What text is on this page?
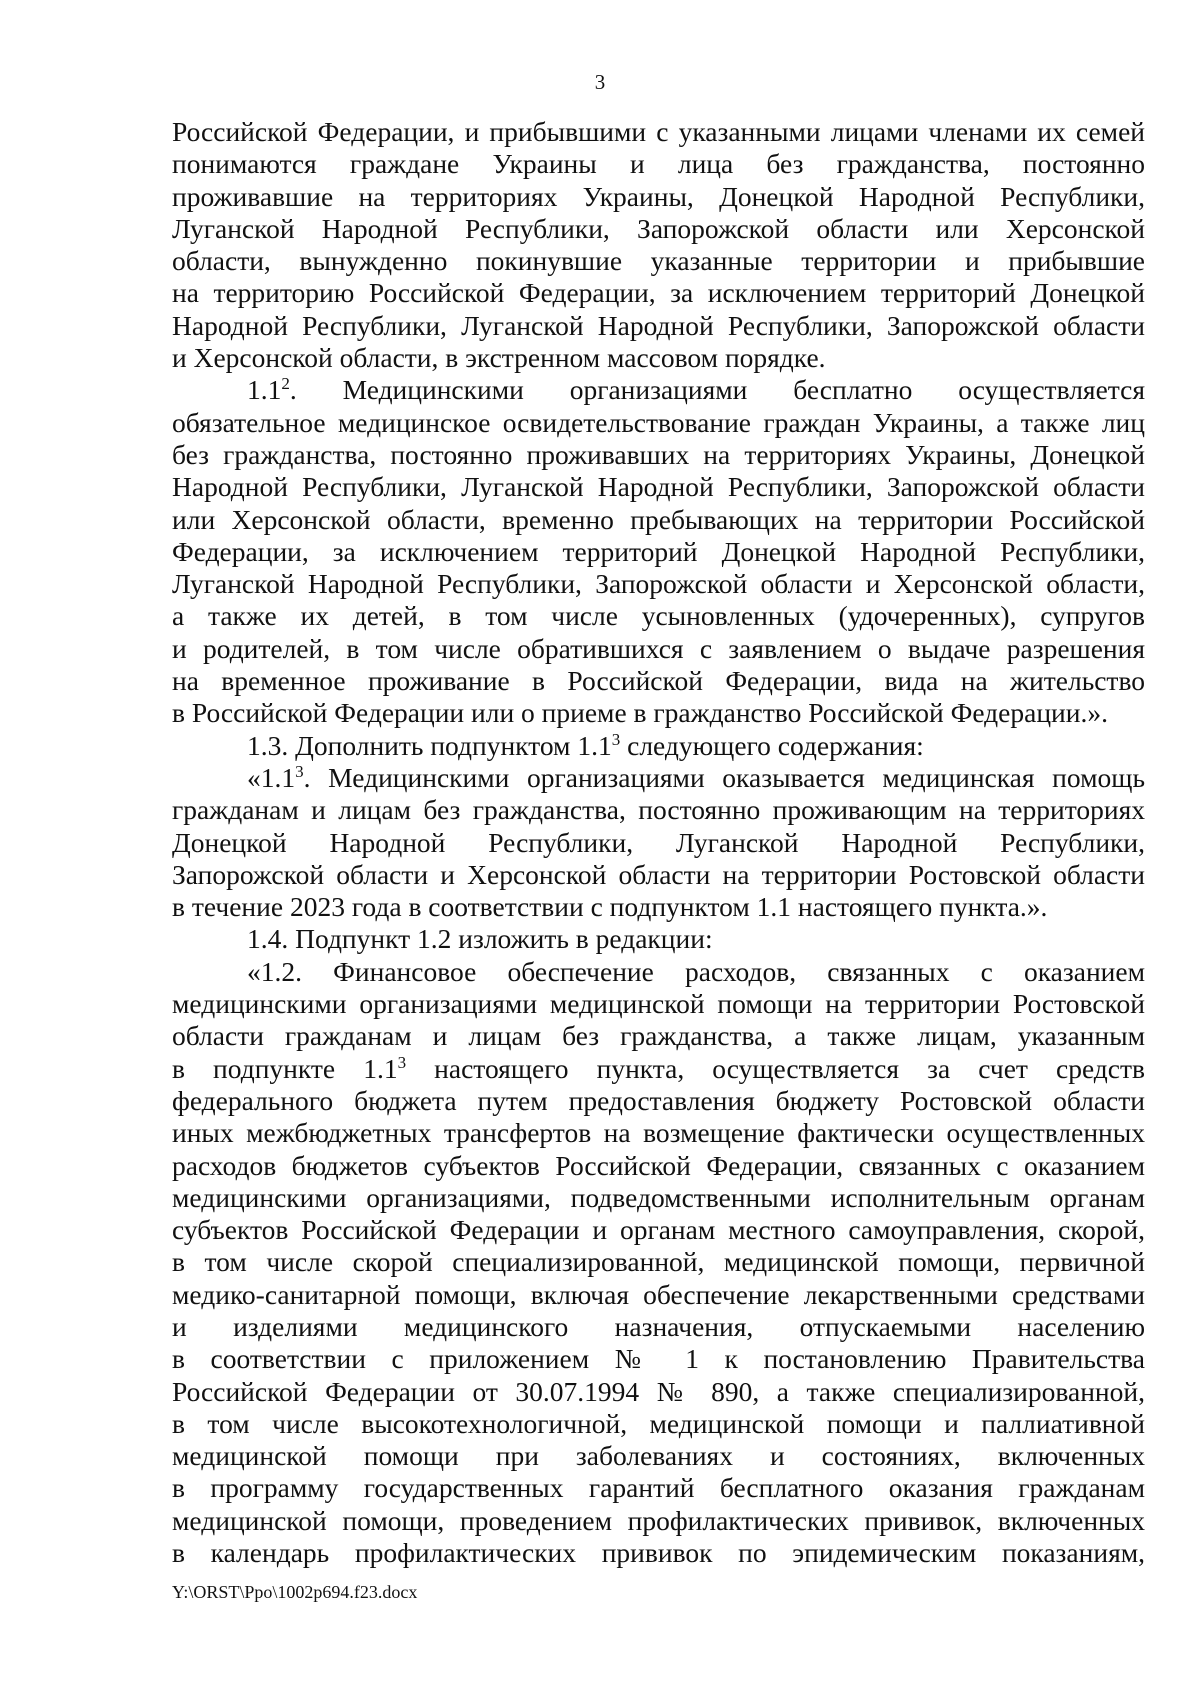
3
Российской Федерации, и прибывшими с указанными лицами членами их семей
понимаются граждане Украины и лица без гражданства, постоянно
проживавшие на территориях Украины, Донецкой Народной Республики,
Луганской Народной Республики, Запорожской области или Херсонской
области, вынужденно покинувшие указанные территории и прибывшие
на территорию Российской Федерации, за исключением территорий Донецкой
Народной Республики, Луганской Народной Республики, Запорожской области
и Херсонской области, в экстренном массовом порядке.
$1.1^2$. Медицинскими организациями бесплатно осуществляется
обязательное медицинское освидетельствование граждан Украины, а также лиц
без гражданства, постоянно проживавших на территориях Украины, Донецкой
Народной Республики, Луганской Народной Республики, Запорожской области
или Херсонской области, временно пребывающих на территории Российской
Федерации, за исключением территорий Донецкой Народной Республики,
Луганской Народной Республики, Запорожской области и Херсонской области,
а также их детей, в том числе усыновленных (удочеренных), супругов
и родителей, в том числе обратившихся с заявлением о выдаче разрешения
на временное проживание в Российской Федерации, вида на жительство
в Российской Федерации или о приеме в гражданство Российской Федерации.».
1.3. Дополнить подпунктом $1.1^3$ следующего содержания:
«$1.1^3$. Медицинскими организациями оказывается медицинская помощь
гражданам и лицам без гражданства, постоянно проживающим на территориях
Донецкой Народной Республики, Луганской Народной Республики,
Запорожской области и Херсонской области на территории Ростовской области
в течение 2023 года в соответствии с подпунктом 1.1 настоящего пункта.».
1.4. Подпункт 1.2 изложить в редакции:
«1.2. Финансовое обеспечение расходов, связанных с оказанием
медицинскими организациями медицинской помощи на территории Ростовской
области гражданам и лицам без гражданства, а также лицам, указанным
в подпункте $1.1^3$ настоящего пункта, осуществляется за счет средств
федерального бюджета путем предоставления бюджету Ростовской области
иных межбюджетных трансфертов на возмещение фактически осуществленных
расходов бюджетов субъектов Российской Федерации, связанных с оказанием
медицинскими организациями, подведомственными исполнительным органам
субъектов Российской Федерации и органам местного самоуправления, скорой,
в том числе скорой специализированной, медицинской помощи, первичной
медико-санитарной помощи, включая обеспечение лекарственными средствами
и изделиями медицинского назначения, отпускаемыми населению
в соответствии с приложением № 1 к постановлению Правительства
Российской Федерации от 30.07.1994 № 890, а также специализированной,
в том числе высокотехнологичной, медицинской помощи и паллиативной
медицинской помощи при заболеваниях и состояниях, включенных
в программу государственных гарантий бесплатного оказания гражданам
медицинской помощи, проведением профилактических прививок, включенных
в календарь профилактических прививок по эпидемическим показаниям,
Y:\ORST\Ppo\1002p694.f23.docx
